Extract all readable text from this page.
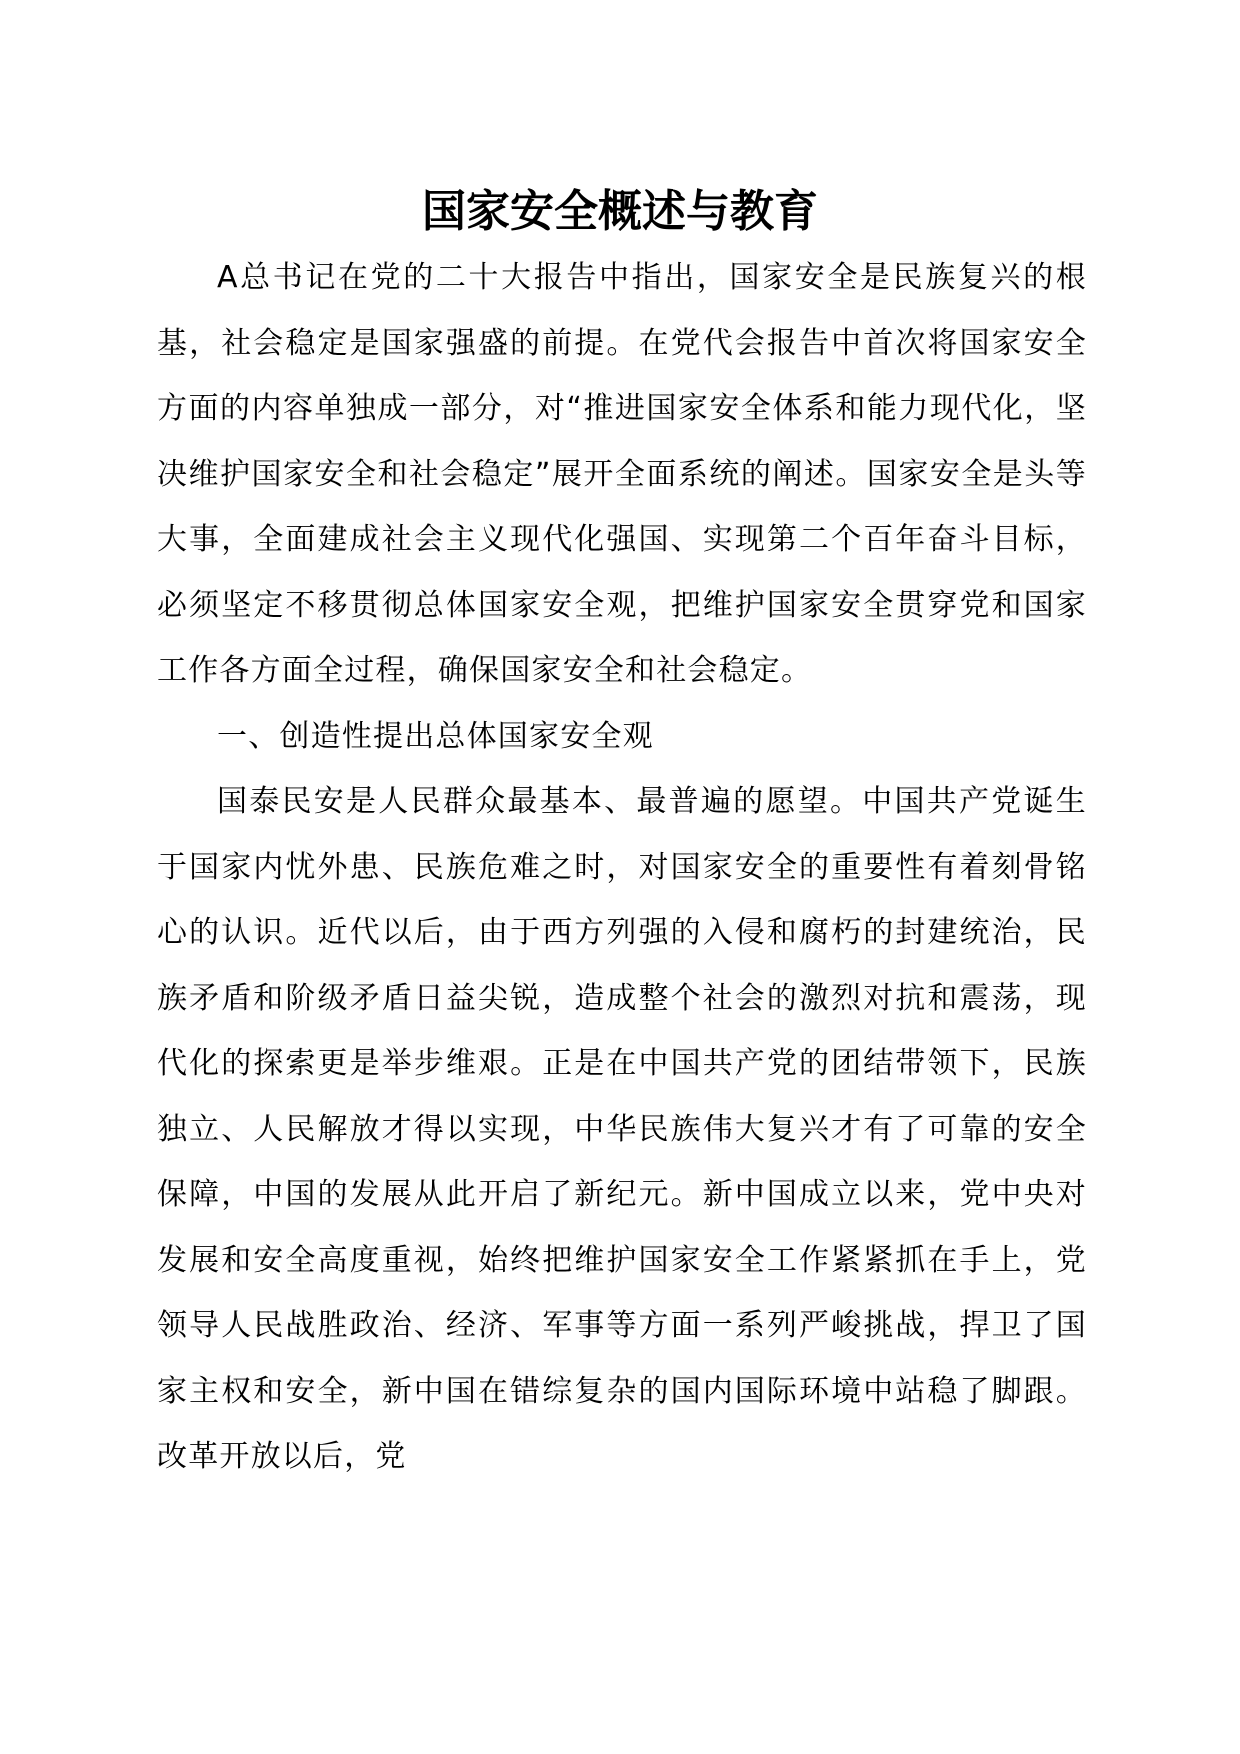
国家安全概述与教育

A总书记在党的二十大报告中指出，国家安全是民族复兴的根基，社会稳定是国家强盛的前提。在党代会报告中首次将国家安全方面的内容单独成一部分，对“推进国家安全体系和能力现代化，坚决维护国家安全和社会稳定”展开全面系统的阐述。国家安全是头等大事，全面建成社会主义现代化强国、实现第二个百年奋斗目标，必须坚定不移贯彻总体国家安全观，把维护国家安全贯穿党和国家工作各方面全过程，确保国家安全和社会稳定。

一、创造性提出总体国家安全观

国泰民安是人民群众最基本、最普遍的愿望。中国共产党诞生于国家内忧外患、民族危难之时，对国家安全的重要性有着刻骨铭心的认识。近代以后，由于西方列强的入侵和腐朽的封建统治，民族矛盾和阶级矛盾日益尖锐，造成整个社会的激烈对抗和震荡，现代化的探索更是举步维艰。正是在中国共产党的团结带领下，民族独立、人民解放才得以实现，中华民族伟大复兴才有了可靠的安全保障，中国的发展从此开启了新纪元。新中国成立以来，党中央对发展和安全高度重视，始终把维护国家安全工作紧紧抓在手上，党领导人民战胜政治、经济、军事等方面一系列严峻挑战，捍卫了国家主权和安全，新中国在错综复杂的国内国际环境中站稳了脚跟。改革开放以后，党
